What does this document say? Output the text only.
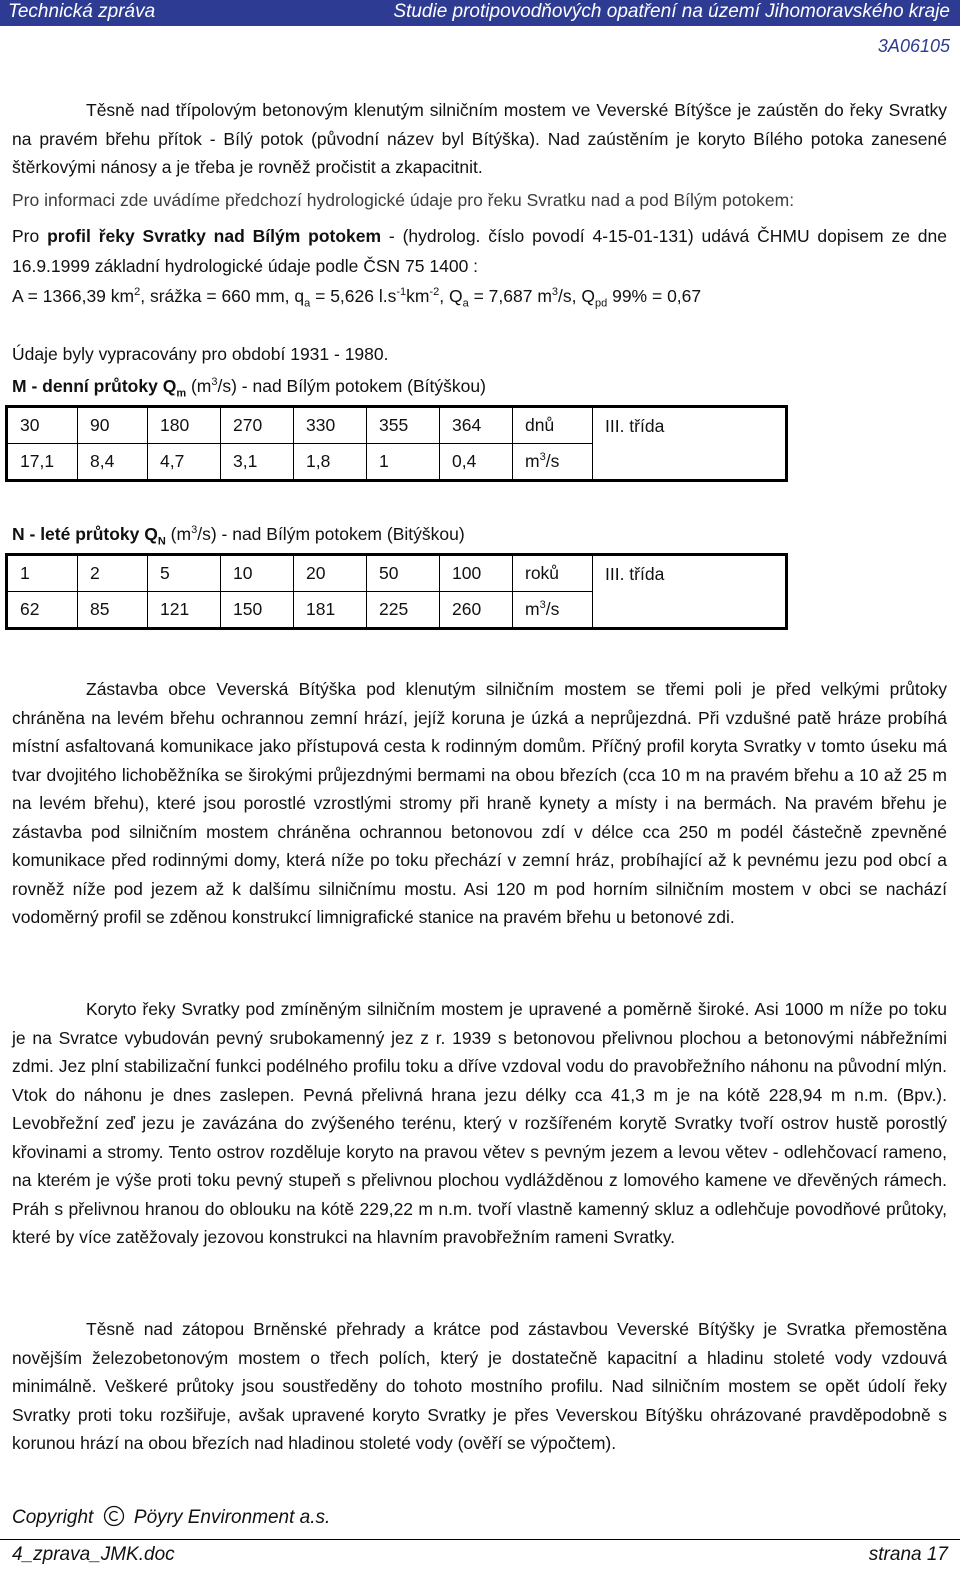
Technická zpráva	Studie protipovodňových opatření na území Jihomoravského kraje
3A06105
Těsně nad třípolovým betonovým klenutým silničním mostem ve Veverské Bítýšce je zaústěn do řeky Svratky na pravém břehu přítok - Bílý potok (původní název byl Bítýška). Nad zaústěním je koryto Bílého potoka zanesené štěrkovými nánosy a je třeba je rovněž pročistit a zkapacitnit.
Pro informaci zde uvádíme předchozí hydrologické údaje pro řeku Svratku nad a pod Bílým potokem:
Pro profil řeky Svratky nad Bílým potokem - (hydrolog. číslo povodí 4-15-01-131) udává ČHMU dopisem ze dne 16.9.1999 základní hydrologické údaje podle ČSN 75 1400 :
A = 1366,39 $km^2$, srážka = 660 mm, $q_a = 5,626$ $l.s^{-1}km^{-2}$, $Q_a = 7,687$ $m^3/s$, $Q_{pd}$ 99% = 0,67
Údaje byly vypracovány pro období 1931 - 1980.
M - denní průtoky $Q_m$ $(m^3/s)$ - nad Bílým potokem (Bítýškou)
30	90	180	270	330	355	364	dnů	III. třída

17,1	8,4	4,7	3,1	1,8	1	0,4	$m^3/s$	
N - leté průtoky $Q_N$ $(m^3/s)$ - nad Bílým potokem (Bitýškou)
1	2	5	10	20	50	100	roků	III. třída

62	85	121	150	181	225	260	$m^3/s$	
Zástavba obce Veverská Bítýška pod klenutým silničním mostem se třemi poli je před velkými průtoky chráněna na levém břehu ochrannou zemní hrází, jejíž koruna je úzká a neprůjezdná. Při vzdušné patě hráze probíhá místní asfaltovaná komunikace jako přístupová cesta k rodinným domům. Příčný profil koryta Svratky v tomto úseku má tvar dvojitého lichoběžníka se širokými průjezdnými bermami na obou březích (cca 10 m na pravém břehu a 10 až 25 m na levém břehu), které jsou porostlé vzrostlými stromy při hraně kynety a místy i na bermách. Na pravém břehu je zástavba pod silničním mostem chráněna ochrannou betonovou zdí v délce cca 250 m podél částečně zpevněné komunikace před rodinnými domy, která níže po toku přechází v zemní hráz, probíhající až k pevnému jezu pod obcí a rovněž níže pod jezem až k dalšímu silničnímu mostu. Asi 120 m pod horním silničním mostem v obci se nachází vodoměrný profil se zděnou konstrukcí limnigrafické stanice na pravém břehu u betonové zdi.
Koryto řeky Svratky pod zmíněným silničním mostem je upravené a poměrně široké. Asi 1000 m níže po toku je na Svratce vybudován pevný srubokamenný jez z r. 1939 s betonovou přelivnou plochou a betonovými nábřežními zdmi. Jez plní stabilizační funkci podélného profilu toku a dříve vzdoval vodu do pravobřežního náhonu na původní mlýn. Vtok do náhonu je dnes zaslepen. Pevná přelivná hrana jezu délky cca 41,3 m je na kótě 228,94 m n.m. (Bpv.). Levobřežní zeď jezu je zavázána do zvýšeného terénu, který v rozšířeném korytě Svratky tvoří ostrov hustě porostlý křovinami a stromy. Tento ostrov rozděluje koryto na pravou větev s pevným jezem a levou větev - odlehčovací rameno, na kterém je výše proti toku pevný stupeň s přelivnou plochou vydlážděnou z lomového kamene ve dřevěných rámech. Práh s přelivnou hranou do oblouku na kótě 229,22 m n.m. tvoří vlastně kamenný skluz a odlehčuje povodňové průtoky, které by více zatěžovaly jezovou konstrukci na hlavním pravobřežním rameni Svratky.
Těsně nad zátopou Brněnské přehrady a krátce pod zástavbou Veverské Bítýšky je Svratka přemostěna novějším železobetonovým mostem o třech polích, který je dostatečně kapacitní a hladinu stoleté vody vzdouvá minimálně. Veškeré průtoky jsou soustředěny do tohoto mostního profilu. Nad silničním mostem se opět údolí řeky Svratky proti toku rozšiřuje, avšak upravené koryto Svratky je přes Veverskou Bítýšku ohrázované pravděpodobně s korunou hrází na obou březích nad hladinou stoleté vody (ověří se výpočtem).
Copyright Pöyry Environment a.s.
4_zprava_JMK.doc	strana 17
